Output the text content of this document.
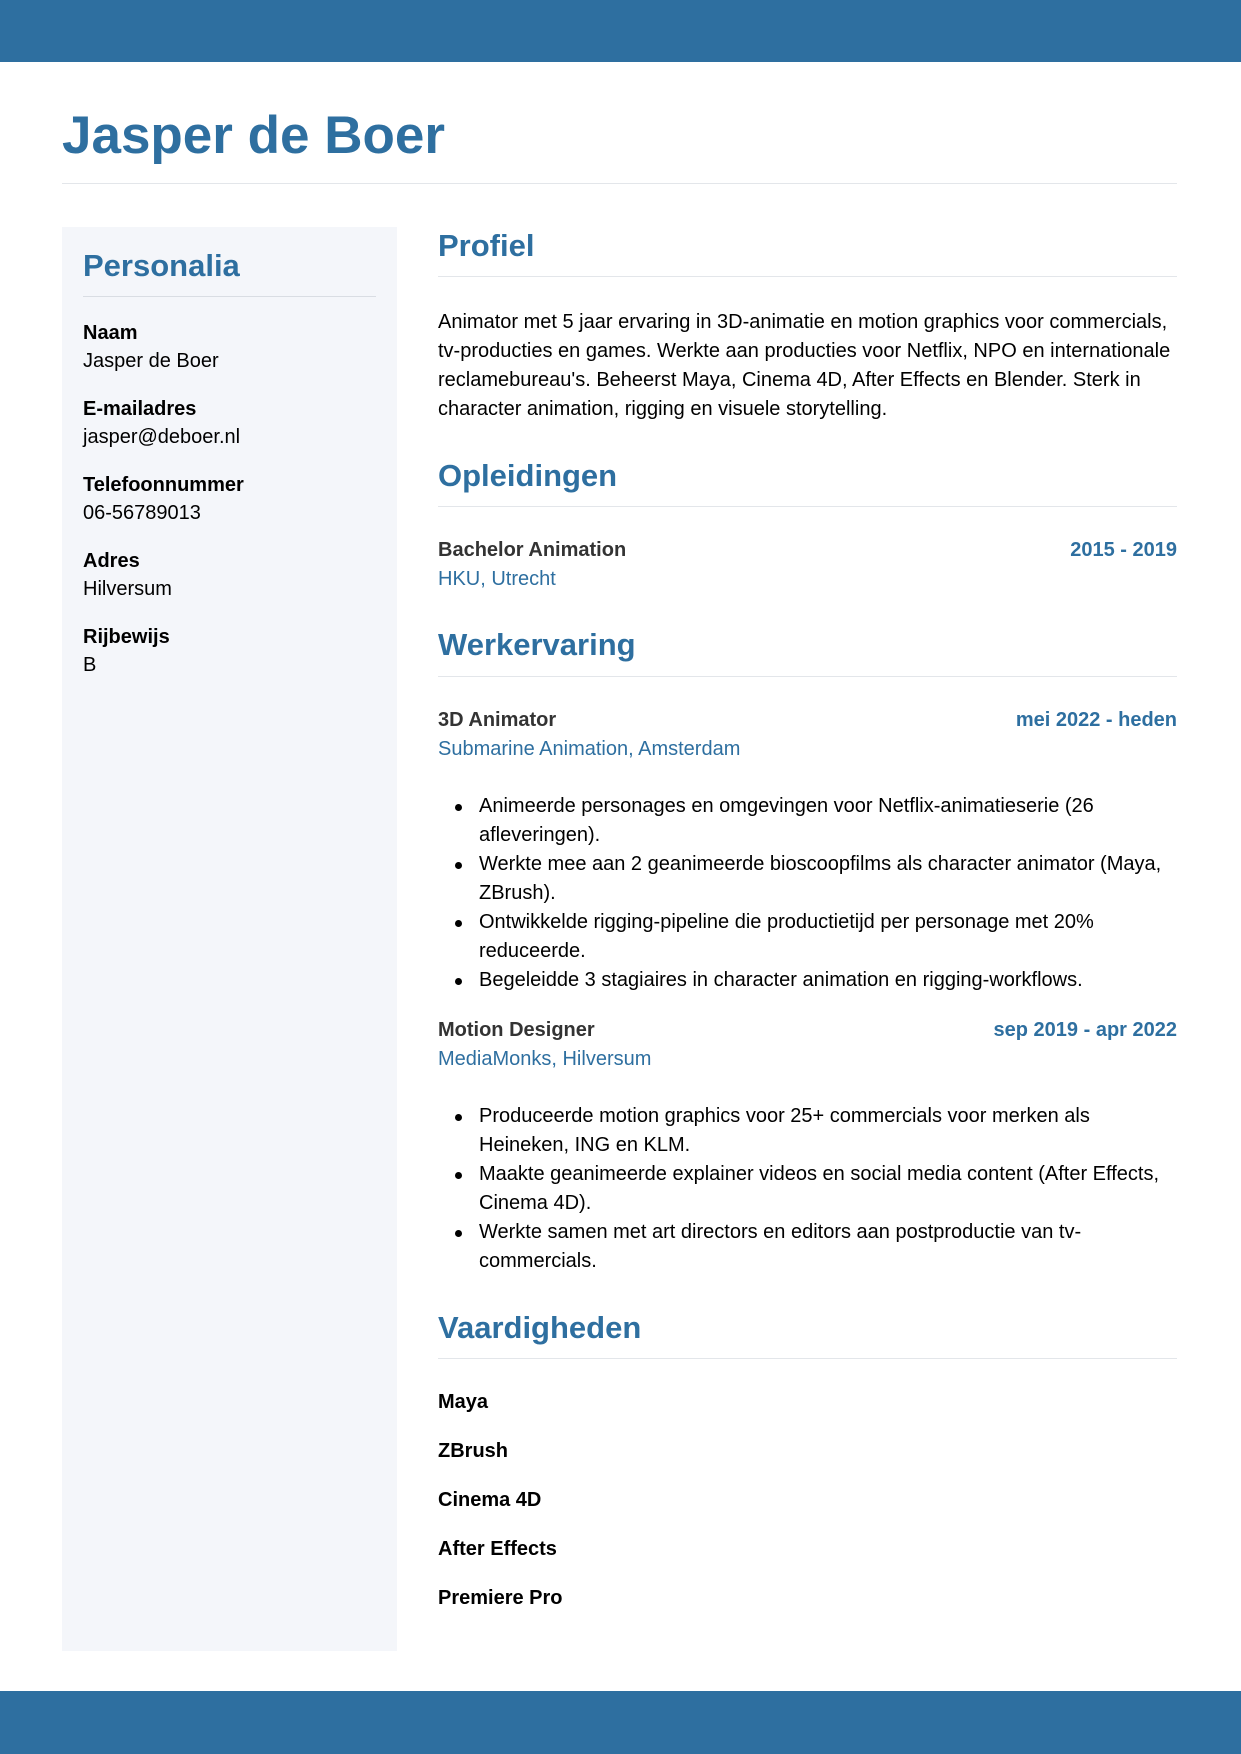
Jasper de Boer
Personalia
Naam
Jasper de Boer
E-mailadres
jasper@deboer.nl
Telefoonnummer
06-56789013
Adres
Hilversum
Rijbewijs
B
Profiel

Animator met 5 jaar ervaring in 3D-animatie en motion graphics voor commercials, tv-producties en games. Werkte aan producties voor Netflix, NPO en internationale reclamebureau's. Beheerst Maya, Cinema 4D, After Effects en Blender. Sterk in character animation, rigging en visuele storytelling.

Opleidingen
Bachelor Animation	2015 - 2019
HKU, Utrecht
Werkervaring
3D Animator	mei 2022 - heden
Submarine Animation, Amsterdam
Animeerde personages en omgevingen voor Netflix-animatieserie (26 afleveringen).
Werkte mee aan 2 geanimeerde bioscoopfilms als character animator (Maya, ZBrush).
Ontwikkelde rigging-pipeline die productietijd per personage met 20% reduceerde.
Begeleidde 3 stagiaires in character animation en rigging-workflows.
Motion Designer	sep 2019 - apr 2022
MediaMonks, Hilversum
Produceerde motion graphics voor 25+ commercials voor merken als Heineken, ING en KLM.
Maakte geanimeerde explainer videos en social media content (After Effects, Cinema 4D).
Werkte samen met art directors en editors aan postproductie van tv-commercials.
Vaardigheden
Maya
ZBrush
Cinema 4D
After Effects
Premiere Pro
